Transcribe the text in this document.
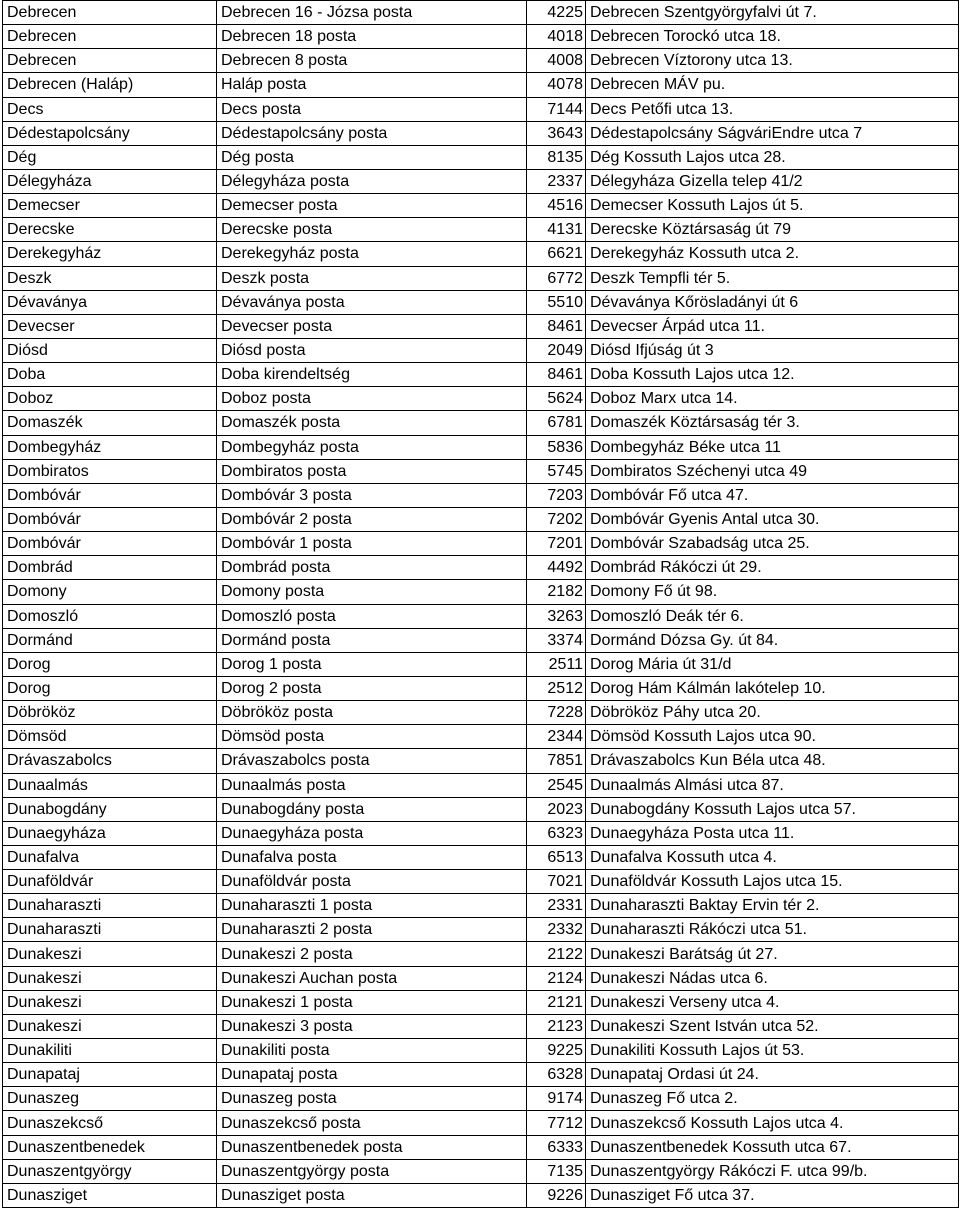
Debrecen	Debrecen 16 - Józsa posta	4225	Debrecen Szentgyörgyfalvi út 7.
Debrecen	Debrecen 18 posta	4018	Debrecen Torockó utca 18.
Debrecen	Debrecen 8 posta	4008	Debrecen Víztorony utca 13.
Debrecen (Haláp)	Haláp posta	4078	Debrecen MÁV pu.
Decs	Decs posta	7144	Decs Petőfi utca 13.
Dédestapolcsány	Dédestapolcsány posta	3643	Dédestapolcsány SágváriEndre utca 7
Dég	Dég posta	8135	Dég Kossuth Lajos utca 28.
Délegyháza	Délegyháza posta	2337	Délegyháza Gizella telep 41/2
Demecser	Demecser posta	4516	Demecser Kossuth Lajos út 5.
Derecske	Derecske posta	4131	Derecske Köztársaság út 79
Derekegyház	Derekegyház posta	6621	Derekegyház Kossuth utca 2.
Deszk	Deszk posta	6772	Deszk Tempfli tér 5.
Dévaványa	Dévaványa posta	5510	Dévaványa Kőrösladányi út 6
Devecser	Devecser posta	8461	Devecser Árpád utca 11.
Diósd	Diósd posta	2049	Diósd Ifjúság út 3
Doba	Doba kirendeltség	8461	Doba Kossuth Lajos utca 12.
Doboz	Doboz posta	5624	Doboz Marx utca 14.
Domaszék	Domaszék posta	6781	Domaszék Köztársaság tér 3.
Dombegyház	Dombegyház posta	5836	Dombegyház Béke utca 11
Dombiratos	Dombiratos posta	5745	Dombiratos Széchenyi utca 49
Dombóvár	Dombóvár 3 posta	7203	Dombóvár Fő utca 47.
Dombóvár	Dombóvár 2 posta	7202	Dombóvár Gyenis Antal utca 30.
Dombóvár	Dombóvár 1 posta	7201	Dombóvár Szabadság utca 25.
Dombrád	Dombrád posta	4492	Dombrád Rákóczi út 29.
Domony	Domony posta	2182	Domony Fő út 98.
Domoszló	Domoszló posta	3263	Domoszló Deák tér 6.
Dormánd	Dormánd posta	3374	Dormánd Dózsa Gy. út 84.
Dorog	Dorog 1 posta	2511	Dorog Mária út 31/d
Dorog	Dorog 2 posta	2512	Dorog Hám Kálmán lakótelep 10.
Döbrököz	Döbrököz posta	7228	Döbrököz Páhy utca 20.
Dömsöd	Dömsöd posta	2344	Dömsöd Kossuth Lajos utca 90.
Drávaszabolcs	Drávaszabolcs posta	7851	Drávaszabolcs Kun Béla utca 48.
Dunaalmás	Dunaalmás posta	2545	Dunaalmás Almási utca 87.
Dunabogdány	Dunabogdány posta	2023	Dunabogdány Kossuth Lajos utca 57.
Dunaegyháza	Dunaegyháza posta	6323	Dunaegyháza Posta utca 11.
Dunafalva	Dunafalva posta	6513	Dunafalva Kossuth utca 4.
Dunaföldvár	Dunaföldvár posta	7021	Dunaföldvár Kossuth Lajos utca 15.
Dunaharaszti	Dunaharaszti 1 posta	2331	Dunaharaszti Baktay Ervin tér 2.
Dunaharaszti	Dunaharaszti 2 posta	2332	Dunaharaszti Rákóczi utca 51.
Dunakeszi	Dunakeszi 2 posta	2122	Dunakeszi Barátság út 27.
Dunakeszi	Dunakeszi Auchan posta	2124	Dunakeszi Nádas utca 6.
Dunakeszi	Dunakeszi 1 posta	2121	Dunakeszi Verseny utca 4.
Dunakeszi	Dunakeszi 3 posta	2123	Dunakeszi Szent István utca 52.
Dunakiliti	Dunakiliti posta	9225	Dunakiliti Kossuth Lajos út 53.
Dunapataj	Dunapataj posta	6328	Dunapataj Ordasi út 24.
Dunaszeg	Dunaszeg posta	9174	Dunaszeg Fő utca 2.
Dunaszekcső	Dunaszekcső posta	7712	Dunaszekcső Kossuth Lajos utca 4.
Dunaszentbenedek	Dunaszentbenedek posta	6333	Dunaszentbenedek Kossuth utca 67.
Dunaszentgyörgy	Dunaszentgyörgy posta	7135	Dunaszentgyörgy Rákóczi F. utca 99/b.
Dunasziget	Dunasziget posta	9226	Dunasziget Fő utca 37.
